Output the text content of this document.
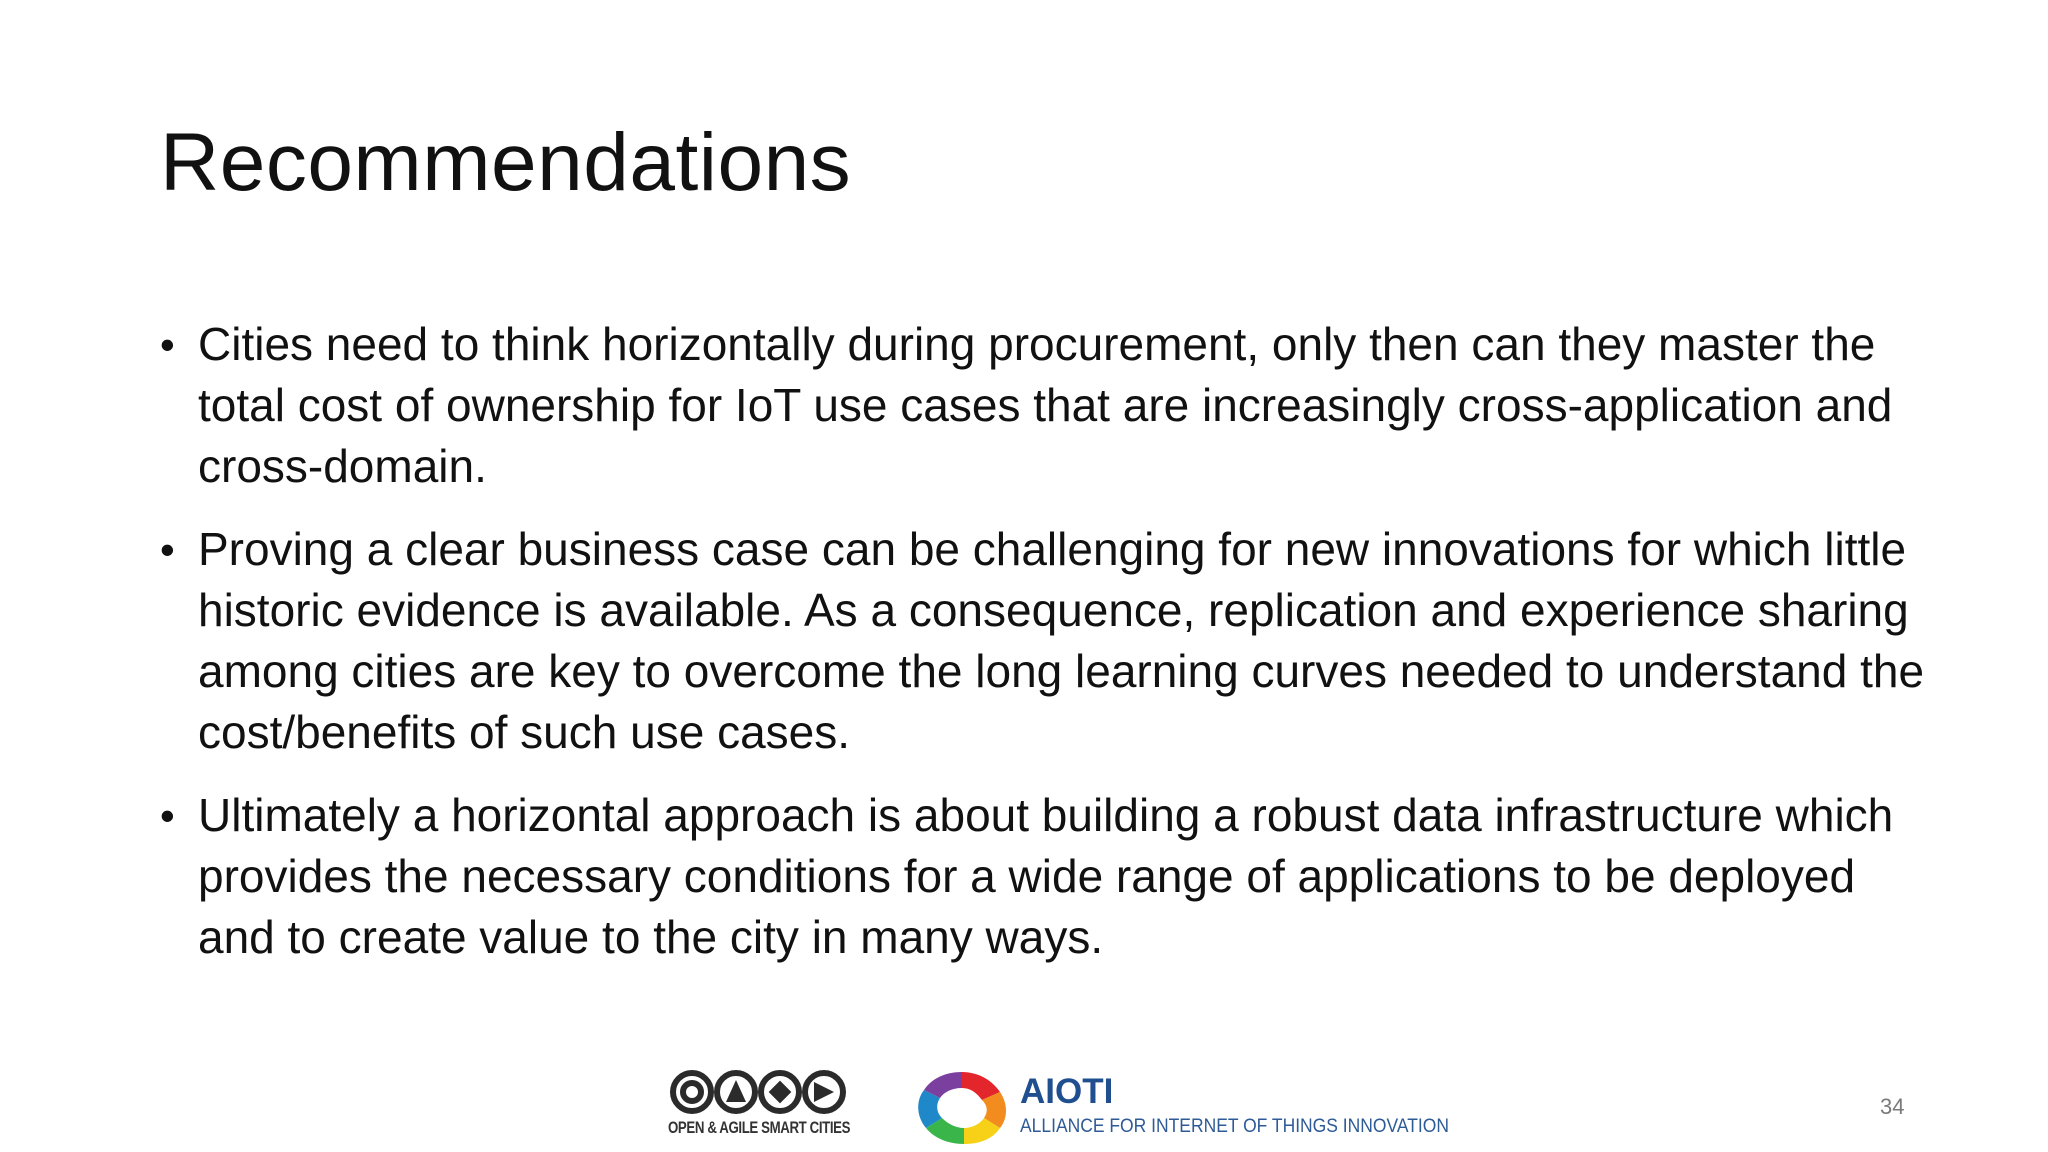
Recommendations
• Cities need to think horizontally during procurement, only then can they master the total cost of ownership for IoT use cases that are increasingly cross-application and cross-domain.
• Proving a clear business case can be challenging for new innovations for which little historic evidence is available. As a consequence, replication and experience sharing among cities are key to overcome the long learning curves needed to understand the cost/benefits of such use cases.
• Ultimately a horizontal approach is about building a robust data infrastructure which provides the necessary conditions for a wide range of applications to be deployed and to create value to the city in many ways.
OPEN & AGILE SMART CITIES
AIOTI
ALLIANCE FOR INTERNET OF THINGS INNOVATION
34
